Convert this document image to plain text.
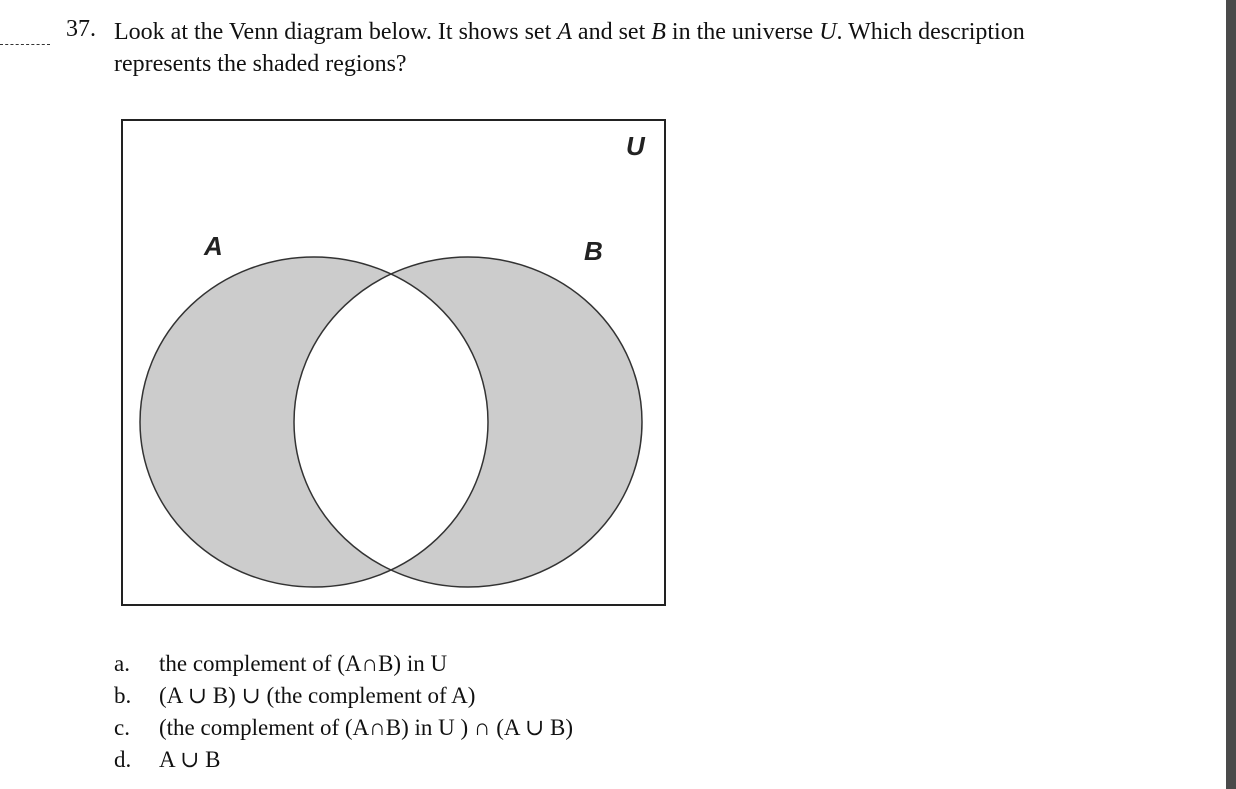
37. Look at the Venn diagram below. It shows set A and set B in the universe U. Which description represents the shaded regions?
U
A	B
a.	the complement of (A∩B) in U
b.	(A ∪ B) ∪ (the complement of A)
c.	(the complement of (A∩B) in U ) ∩ (A ∪ B)
d.	A ∪ B
